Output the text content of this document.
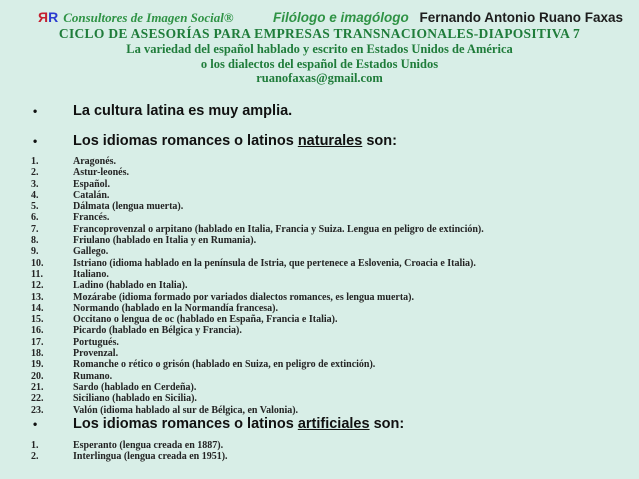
Я R Consultores de Imagen Social®	Filólogo e imagólogo Fernando Antonio Ruano Faxas
CICLO DE ASESORÍAS PARA EMPRESAS TRANSNACIONALES-DIAPOSITIVA 7
La variedad del español hablado y escrito en Estados Unidos de América
o los dialectos del español de Estados Unidos
ruanofaxas@gmail.com
• La cultura latina es muy amplia.
• Los idiomas romances o latinos naturales son:
1.	Aragonés.
2.	Astur-leonés.
3.	Español.
4.	Catalán.
5.	Dálmata (lengua muerta).
6.	Francés.
7.	Francoprovenzal o arpitano (hablado en Italia, Francia y Suiza. Lengua en peligro de extinción).
8.	Friulano (hablado en Italia y en Rumania).
9.	Gallego.
10.	Istriano (idioma hablado en la península de Istria, que pertenece a Eslovenia, Croacia e Italia).
11.	Italiano.
12.	Ladino (hablado en Italia).
13.	Mozárabe (idioma formado por variados dialectos romances, es lengua muerta).
14.	Normando (hablado en la Normandía francesa).
15.	Occitano o lengua de oc (hablado en España, Francia e Italia).
16.	Picardo (hablado en Bélgica y Francia).
17.	Portugués.
18.	Provenzal.
19.	Romanche o rético o grisón (hablado en Suiza, en peligro de extinción).
20.	Rumano.
21.	Sardo (hablado en Cerdeña).
22.	Siciliano (hablado en Sicilia).
23.	Valón (idioma hablado al sur de Bélgica, en Valonia).
• Los idiomas romances o latinos artificiales son:
1.	Esperanto (lengua creada en 1887).
2.	Interlingua (lengua creada en 1951).
